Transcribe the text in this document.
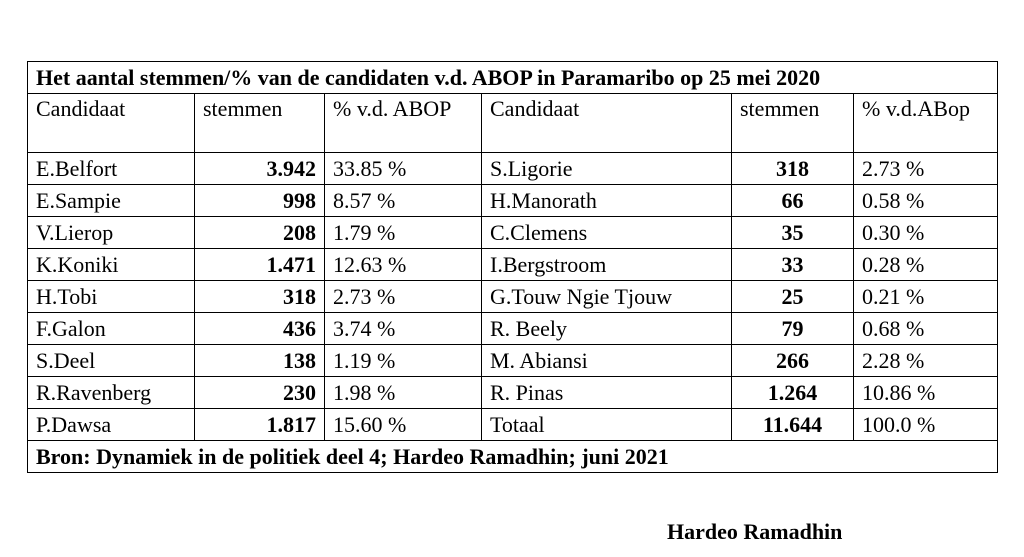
Het aantal stemmen/% van de candidaten v.d. ABOP in Paramaribo op 25 mei 2020					
Candidaat	stemmen	% v.d. ABOP	Candidaat	stemmen	% v.d.ABop
E.Belfort	3.942	33.85 %	S.Ligorie	318	2.73 %
E.Sampie	998	8.57 %	H.Manorath	66	0.58 %
V.Lierop	208	1.79 %	C.Clemens	35	0.30 %
K.Koniki	1.471	12.63 %	I.Bergstroom	33	0.28 %
H.Tobi	318	2.73 %	G.Touw Ngie Tjouw	25	0.21 %
F.Galon	436	3.74 %	R. Beely	79	0.68 %
S.Deel	138	1.19 %	M. Abiansi	266	2.28 %
R.Ravenberg	230	1.98 %	R. Pinas	1.264	10.86 %
P.Dawsa	1.817	15.60 %	Totaal	11.644	100.0 %
Bron: Dynamiek in de politiek deel 4; Hardeo Ramadhin; juni 2021					
Hardeo Ramadhin
